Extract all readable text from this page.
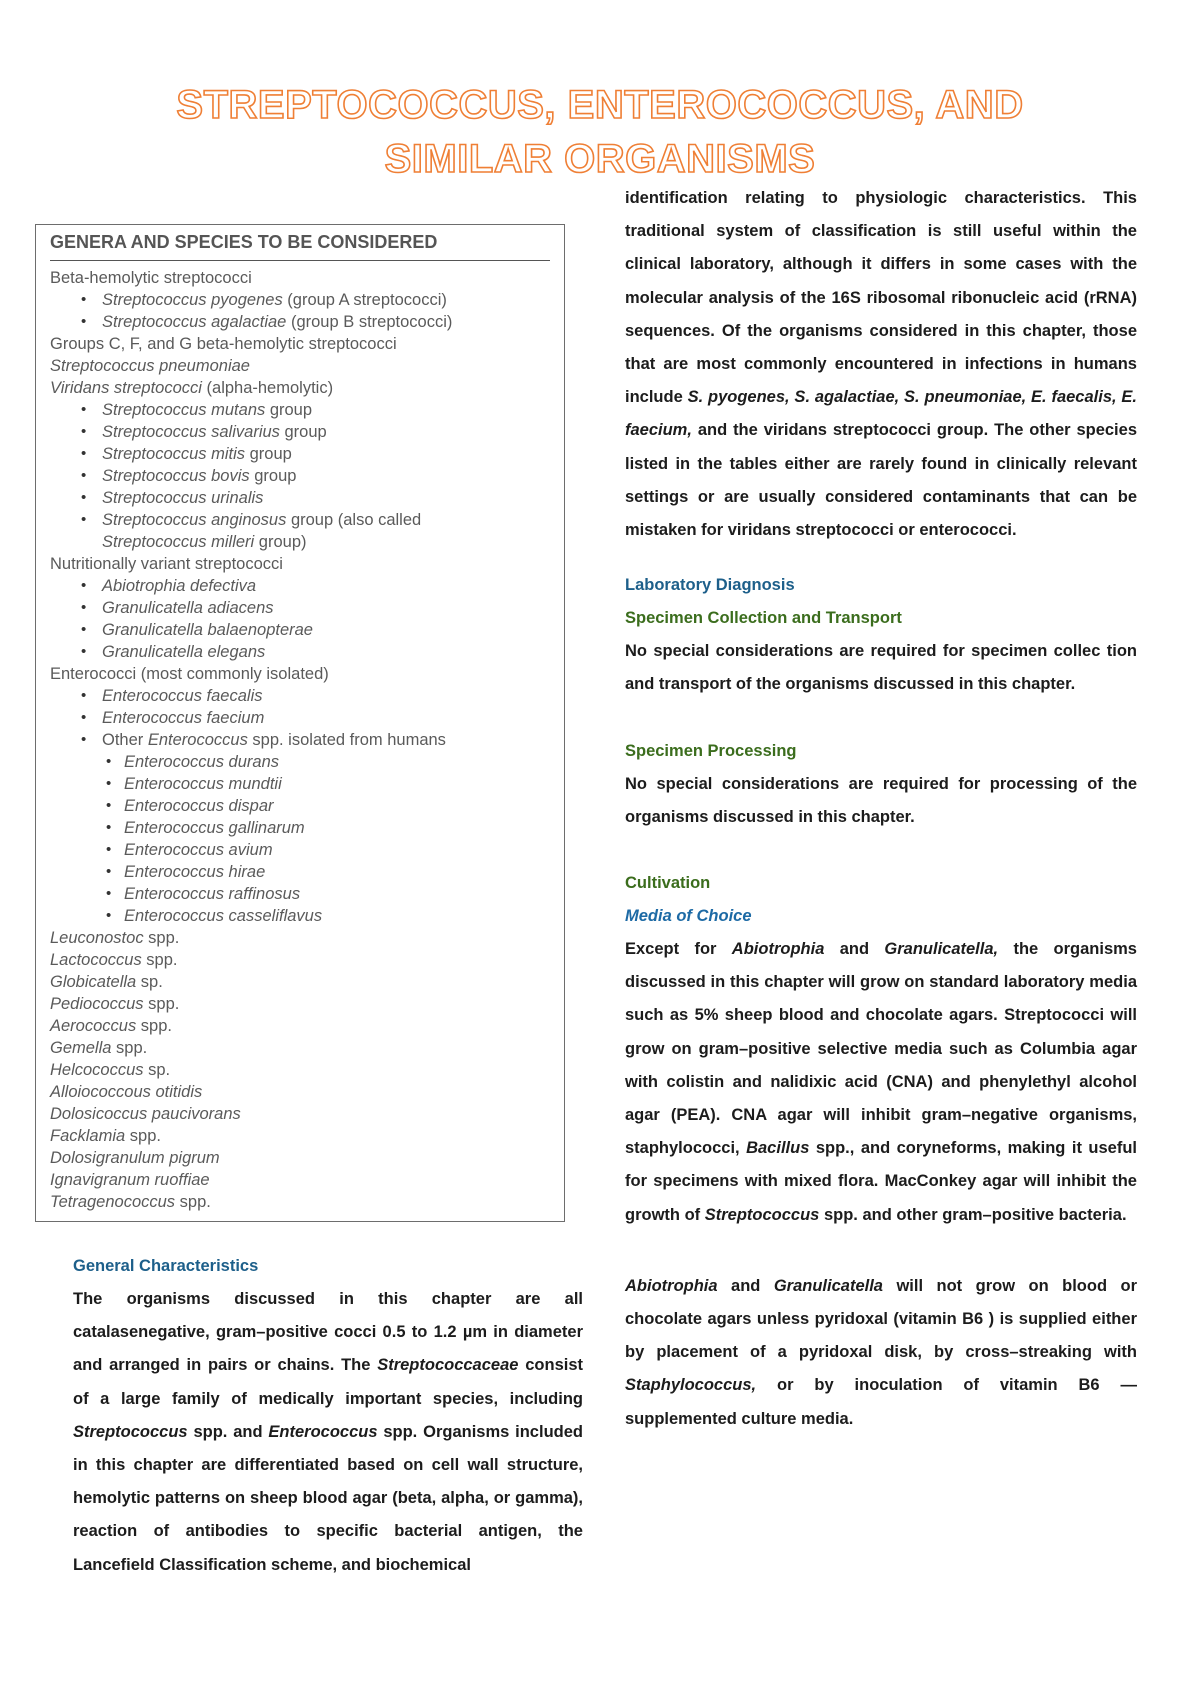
STREPTOCOCCUS, ENTEROCOCCUS, AND
SIMILAR ORGANISMS
GENERA AND SPECIES TO BE CONSIDERED
Beta-hemolytic streptococci
• Streptococcus pyogenes (group A streptococci)
• Streptococcus agalactiae (group B streptococci)
Groups C, F, and G beta-hemolytic streptococci
Streptococcus pneumoniae
Viridans streptococci (alpha-hemolytic)
• Streptococcus mutans group
• Streptococcus salivarius group
• Streptococcus mitis group
• Streptococcus bovis group
• Streptococcus urinalis
• Streptococcus anginosus group (also called
Streptococcus milleri group)
Nutritionally variant streptococci
• Abiotrophia defectiva
• Granulicatella adiacens
• Granulicatella balaenopterae
• Granulicatella elegans
Enterococci (most commonly isolated)
• Enterococcus faecalis
• Enterococcus faecium
• Other Enterococcus spp. isolated from humans
• Enterococcus durans
• Enterococcus mundtii
• Enterococcus dispar
• Enterococcus gallinarum
• Enterococcus avium
• Enterococcus hirae
• Enterococcus raffinosus
• Enterococcus casseliflavus
Leuconostoc spp.
Lactococcus spp.
Globicatella sp.
Pediococcus spp.
Aerococcus spp.
Gemella spp.
Helcococcus sp.
Alloiococcous otitidis
Dolosicoccus paucivorans
Facklamia spp.
Dolosigranulum pigrum
Ignavigranum ruoffiae
Tetragenococcus spp.
General Characteristics

The organisms discussed in this chapter are all catalasenegative, gram–positive cocci 0.5 to 1.2 µm in diameter and arranged in pairs or chains. The Streptococcaceae consist of a large family of medically important species, including Streptococcus spp. and Enterococcus spp. Organisms included in this chapter are differentiated based on cell wall structure, hemolytic patterns on sheep blood agar (beta, alpha, or gamma), reaction of antibodies to specific bacterial antigen, the Lancefield Classification scheme, and biochemical

identification relating to physiologic characteristics. This traditional system of classification is still useful within the clinical laboratory, although it differs in some cases with the molecular analysis of the 16S ribosomal ribonucleic acid (rRNA) sequences. Of the organisms considered in this chapter, those that are most commonly encountered in infections in humans include S. pyogenes, S. agalactiae, S. pneumoniae, E. faecalis, E. faecium, and the viridans streptococci group. The other species listed in the tables either are rarely found in clinically relevant settings or are usually considered contaminants that can be mistaken for viridans streptococci or enterococci.

Laboratory Diagnosis
Specimen Collection and Transport

No special considerations are required for specimen collec tion and transport of the organisms discussed in this chapter.

Specimen Processing

No special considerations are required for processing of the organisms discussed in this chapter.

Cultivation
Media of Choice

Except for Abiotrophia and Granulicatella, the organisms discussed in this chapter will grow on standard laboratory media such as 5% sheep blood and chocolate agars. Streptococci will grow on gram–positive selective media such as Columbia agar with colistin and nalidixic acid (CNA) and phenylethyl alcohol agar (PEA). CNA agar will inhibit gram–negative organisms, staphylococci, Bacillus spp., and coryneforms, making it useful for specimens with mixed flora. MacConkey agar will inhibit the growth of Streptococcus spp. and other gram–positive bacteria.

Abiotrophia and Granulicatella will not grow on blood or chocolate agars unless pyridoxal (vitamin B6 ) is supplied either by placement of a pyridoxal disk, by cross–streaking with Staphylococcus, or by inoculation of vitamin B6 — supplemented culture media.
